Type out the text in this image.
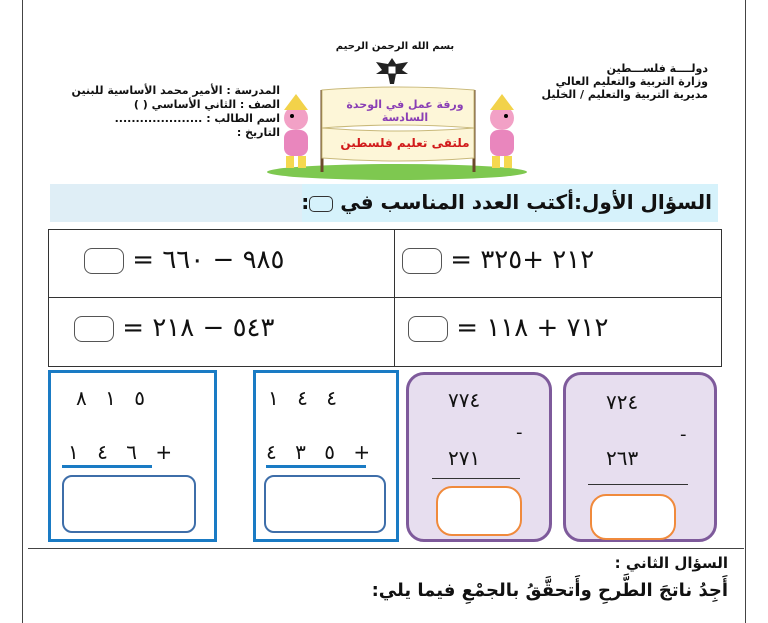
بسم الله الرحمن الرحيم
دولــــة فلســـطين
وزارة التربية والتعليم العالي
مديرية التربية والتعليم / الخليل
المدرسة : الأمير محمد الأساسية للبنين
الصف : الثاني الأساسي ( )
اسم الطالب : .....................
التاريخ :
ورقة عمل في الوحدة السادسة
ملتقى تعليم فلسطين
السؤال الأول:أكتب العدد المناسب في :
٩٨٥ − ٦٦٠ =	٢١٢ +٣٢٥ =
٥٤٣ − ٢١٨ =	٧١٢ + ١١٨ =
٥ ١ ٨
+ ٦ ٤ ١
٤ ٤ ١
+ ٥ ٣ ٤
٧٧٤
-
٢٧١
٧٢٤
-
٢٦٣
السؤال الثاني :
أَجِدُ ناتجَ الطَّرحِ وأَتحقَّقُ بالجمْعِ فيما يلي:
